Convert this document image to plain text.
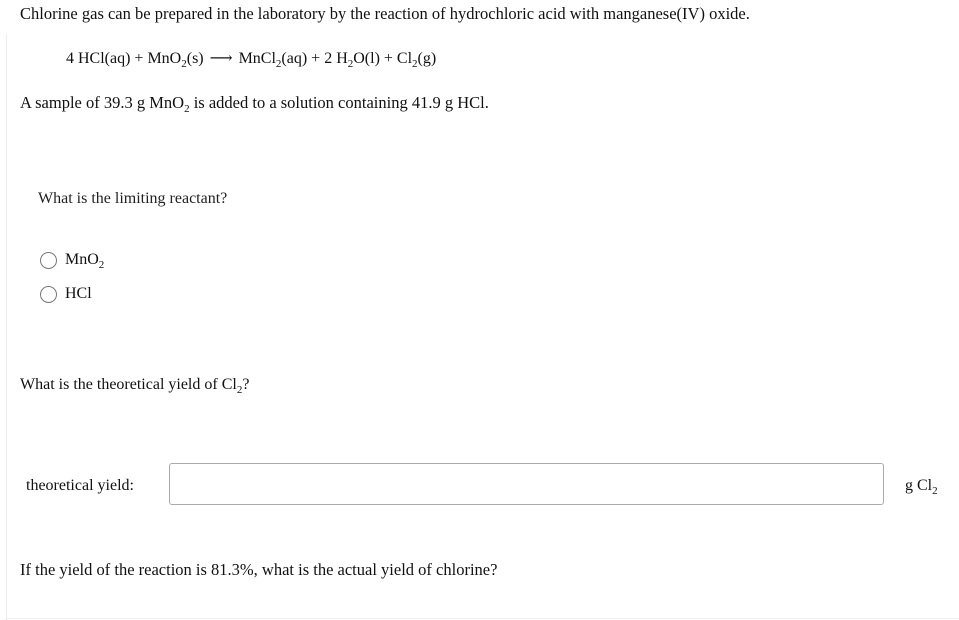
Chlorine gas can be prepared in the laboratory by the reaction of hydrochloric acid with manganese(IV) oxide.
4 HCl(aq) + MnO$_2$(s) ⟶ MnCl$_2$(aq) + 2 $H_2O(l) + Cl_2(g)$
A sample of 39.3 g MnO$_2$ is added to a solution containing 41.9 g HCl.
What is the limiting reactant?
MnO$_2$
HCl
What is the theoretical yield of $Cl_2$?
theoretical yield:	g $Cl_2$
If the yield of the reaction is 81.3%, what is the actual yield of chlorine?
